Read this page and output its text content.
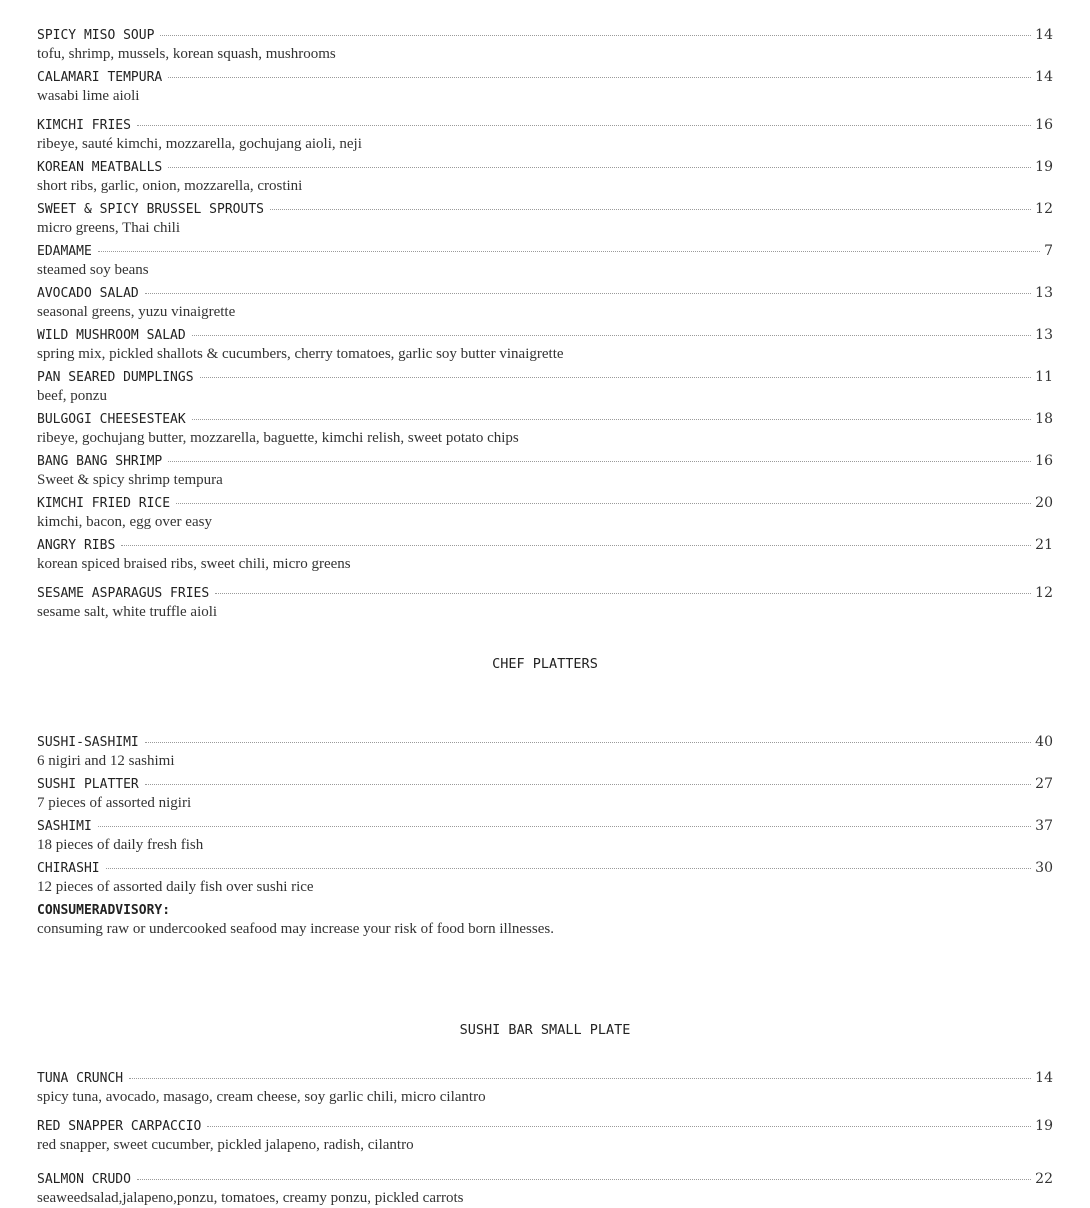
SPICY MISO SOUP	14
tofu, shrimp, mussels, korean squash, mushrooms
CALAMARI TEMPURA	14
wasabi lime aioli
KIMCHI FRIES	16
ribeye, sauté kimchi, mozzarella, gochujang aioli, neji
KOREAN MEATBALLS	19
short ribs, garlic, onion, mozzarella, crostini
SWEET & SPICY BRUSSEL SPROUTS	12
micro greens, Thai chili
EDAMAME	7
steamed soy beans
AVOCADO SALAD	13
seasonal greens, yuzu vinaigrette
WILD MUSHROOM SALAD	13
spring mix, pickled shallots & cucumbers, cherry tomatoes, garlic soy butter vinaigrette
PAN SEARED DUMPLINGS	11
beef, ponzu
BULGOGI CHEESESTEAK	18
ribeye, gochujang butter, mozzarella, baguette, kimchi relish, sweet potato chips
BANG BANG SHRIMP	16
Sweet & spicy shrimp tempura
KIMCHI FRIED RICE	20
kimchi, bacon, egg over easy
ANGRY RIBS	21
korean spiced braised ribs, sweet chili, micro greens
SESAME ASPARAGUS FRIES	12
sesame salt, white truffle aioli
CHEF PLATTERS
SUSHI-SASHIMI	40
6 nigiri and 12 sashimi
SUSHI PLATTER	27
7 pieces of assorted nigiri
SASHIMI	37
18 pieces of daily fresh fish
CHIRASHI	30
12 pieces of assorted daily fish over sushi rice
CONSUMERADVISORY:
consuming raw or undercooked seafood may increase your risk of food born illnesses.
SUSHI BAR SMALL PLATE
TUNA CRUNCH	14
spicy tuna, avocado, masago, cream cheese, soy garlic chili, micro cilantro
RED SNAPPER CARPACCIO	19
red snapper, sweet cucumber, pickled jalapeno, radish, cilantro
SALMON CRUDO	22
seaweedsalad,jalapeno,ponzu, tomatoes, creamy ponzu, pickled carrots
